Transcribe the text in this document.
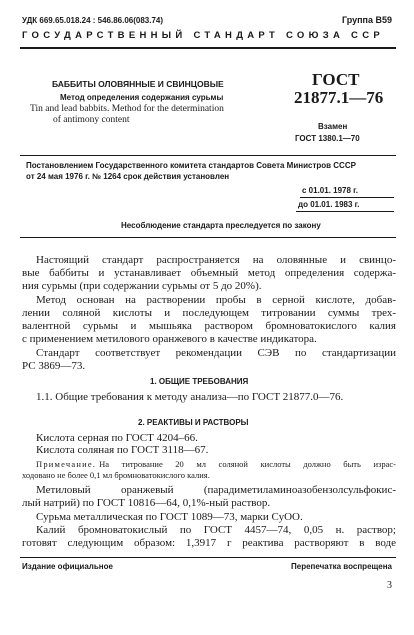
УДК 669.65.018.24 : 546.86.06(083.74)	Группа В59
ГОСУДАРСТВЕННЫЙ СТАНДАРТ СОЮЗА ССР
БАББИТЫ ОЛОВЯННЫЕ И СВИНЦОВЫЕ
Метод определения содержания сурьмы
Tin and lead babbits. Method for the determination
of antimony content
ГОСТ
21877.1—76
Взамен
ГОСТ 1380.1—70
Постановлением Государственного комитета стандартов Совета Министров СССР
от 24 мая 1976 г. № 1264 срок действия установлен
с 01.01. 1978 г.
до 01.01. 1983 г.
Несоблюдение стандарта преследуется по закону
Настоящий стандарт распространяется на оловянные и свинцо-
вые баббиты и устанавливает объемный метод определения содержа-
ния сурьмы (при содержании сурьмы от 5 до 20%).
Метод основан на растворении пробы в серной кислоте, добав-
лении соляной кислоты и последующем титровании суммы трех-
валентной сурьмы и мышьяка раствором бромноватокислого калия
с применением метилового оранжевого в качестве индикатора.
Стандарт соответствует рекомендации СЭВ по стандартизации
РС 3869—73.
1. ОБЩИЕ ТРЕБОВАНИЯ
1.1. Общие требования к методу анализа—по ГОСТ 21877.0—76.
2. РЕАКТИВЫ И РАСТВОРЫ
Кислота серная по ГОСТ 4204–66.
Кислота соляная по ГОСТ 3118—67.
Примечание. На титрование 20 мл соляной кислоты должно быть израс-
ходовано не более 0,1 мл бромноватокислого калия.
Метиловый оранжевый (парадиметиламиноазобензолсульфокис-
лый натрий) по ГОСТ 10816—64, 0,1%-ный раствор.
Сурьма металлическая по ГОСТ 1089—73, марки СуОО.
Калий бромноватокислый по ГОСТ 4457—74, 0,05 н. раствор;
готовят следующим образом: 1,3917 г реактива растворяют в воде
Издание официальное	Перепечатка воспрещена
3
